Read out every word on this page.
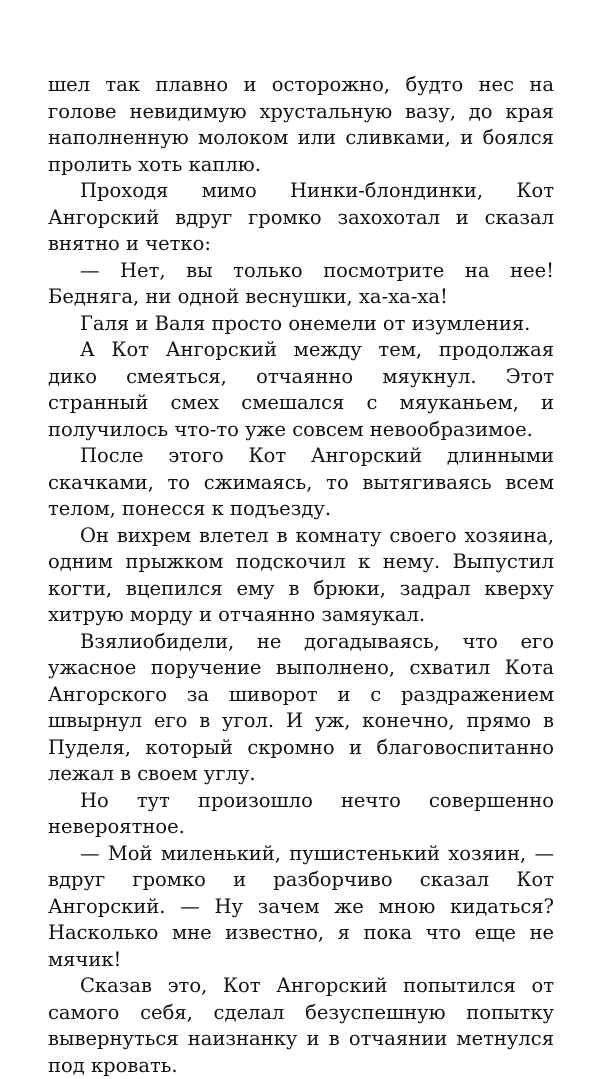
шел так плавно и осторожно, будто нес на голове невидимую хрустальную вазу, до края наполненную молоком или сливками, и боялся пролить хоть каплю.

Проходя мимо Нинки-блондинки, Кот Ангорский вдруг громко захохотал и сказал внятно и четко:

— Нет, вы только посмотрите на нее! Бедняга, ни одной веснушки, ха-ха-ха!

Галя и Валя просто онемели от изумления.

А Кот Ангорский между тем, продолжая дико смеяться, отчаянно мяукнул. Этот странный смех смешался с мяуканьем, и получилось что-то уже совсем невообразимое.

После этого Кот Ангорский длинными скачками, то сжимаясь, то вытягиваясь всем телом, понесся к подъезду.

Он вихрем влетел в комнату своего хозяина, одним прыжком подскочил к нему. Выпустил когти, вцепился ему в брюки, задрал кверху хитрую морду и отчаянно замяукал.

Взялиобидели, не догадываясь, что его ужасное поручение выполнено, схватил Кота Ангорского за шиворот и с раздражением швырнул его в угол. И уж, конечно, прямо в Пуделя, который скромно и благовоспитанно лежал в своем углу.

Но тут произошло нечто совершенно невероятное.

— Мой миленький, пушистенький хозяин, — вдруг громко и разборчиво сказал Кот Ангорский. — Ну зачем же мною кидаться? Насколько мне известно, я пока что еще не мячик!

Сказав это, Кот Ангорский попытился от самого себя, сделал безуспешную попытку вывернуться наизнанку и в отчаянии метнулся под кровать.
